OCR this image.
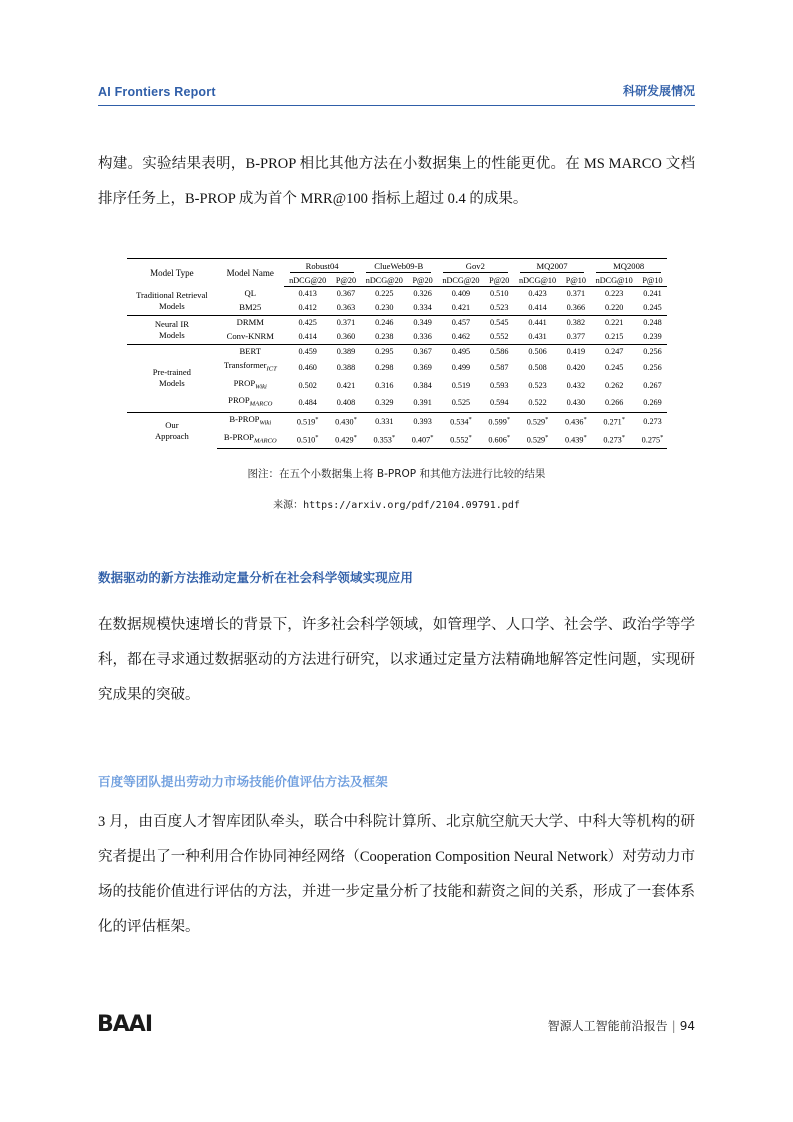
AI Frontiers Report	科研发展情况
构建。实验结果表明，B-PROP 相比其他方法在小数据集上的性能更优。在 MS MARCO 文档排序任务上，B-PROP 成为首个 MRR@100 指标上超过 0.4 的成果。
Model Type	Model Name	Robust04		ClueWeb09-B		Gov2		MQ2007		MQ2008	

		nDCG@20	P@20	nDCG@20	P@20	nDCG@20	P@20	nDCG@10	P@10	nDCG@10	P@10
Traditional Retrieval
Models	QL	0.413	0.367	0.225	0.326	0.409	0.510	0.423	0.371	0.223	0.241
	BM25	0.412	0.363	0.230	0.334	0.421	0.523	0.414	0.366	0.220	0.245
Neural IR
Models	DRMM	0.425	0.371	0.246	0.349	0.457	0.545	0.441	0.382	0.221	0.248
	Conv-KNRM	0.414	0.360	0.238	0.336	0.462	0.552	0.431	0.377	0.215	0.239
Pre-trained
Models	BERT	0.459	0.389	0.295	0.367	0.495	0.586	0.506	0.419	0.247	0.256
	Transformer$_{ICT}$	0.460	0.388	0.298	0.369	0.499	0.587	0.508	0.420	0.245	0.256
	$PROP_{Wiki}$	0.502	0.421	0.316	0.384	0.519	0.593	0.523	0.432	0.262	0.267
	$PROP_{MARCO}$	0.484	0.408	0.329	0.391	0.525	0.594	0.522	0.430	0.266	0.269
Our
Approach	$B-PROP_{Wiki}$	0.519*	0.430*	0.331	0.393	0.534*	0.599*	0.529*	0.436*	0.271*	0.273
	$B-PROP_{MARCO}$	0.510*	0.429*	0.353*	0.407*	0.552*	0.606*	0.529*	0.439*	0.273*	0.275*
图注：在五个小数据集上将 B-PROP 和其他方法进行比较的结果
来源：https://arxiv.org/pdf/2104.09791.pdf
数据驱动的新方法推动定量分析在社会科学领域实现应用
在数据规模快速增长的背景下，许多社会科学领域，如管理学、人口学、社会学、政治学等学科，都在寻求通过数据驱动的方法进行研究，以求通过定量方法精确地解答定性问题，实现研究成果的突破。
百度等团队提出劳动力市场技能价值评估方法及框架
3 月，由百度人才智库团队牵头，联合中科院计算所、北京航空航天大学、中科大等机构的研究者提出了一种利用合作协同神经网络（Cooperation Composition Neural Network）对劳动力市场的技能价值进行评估的方法，并进一步定量分析了技能和薪资之间的关系，形成了一套体系化的评估框架。
BAAI	智源人工智能前沿报告 | 94
